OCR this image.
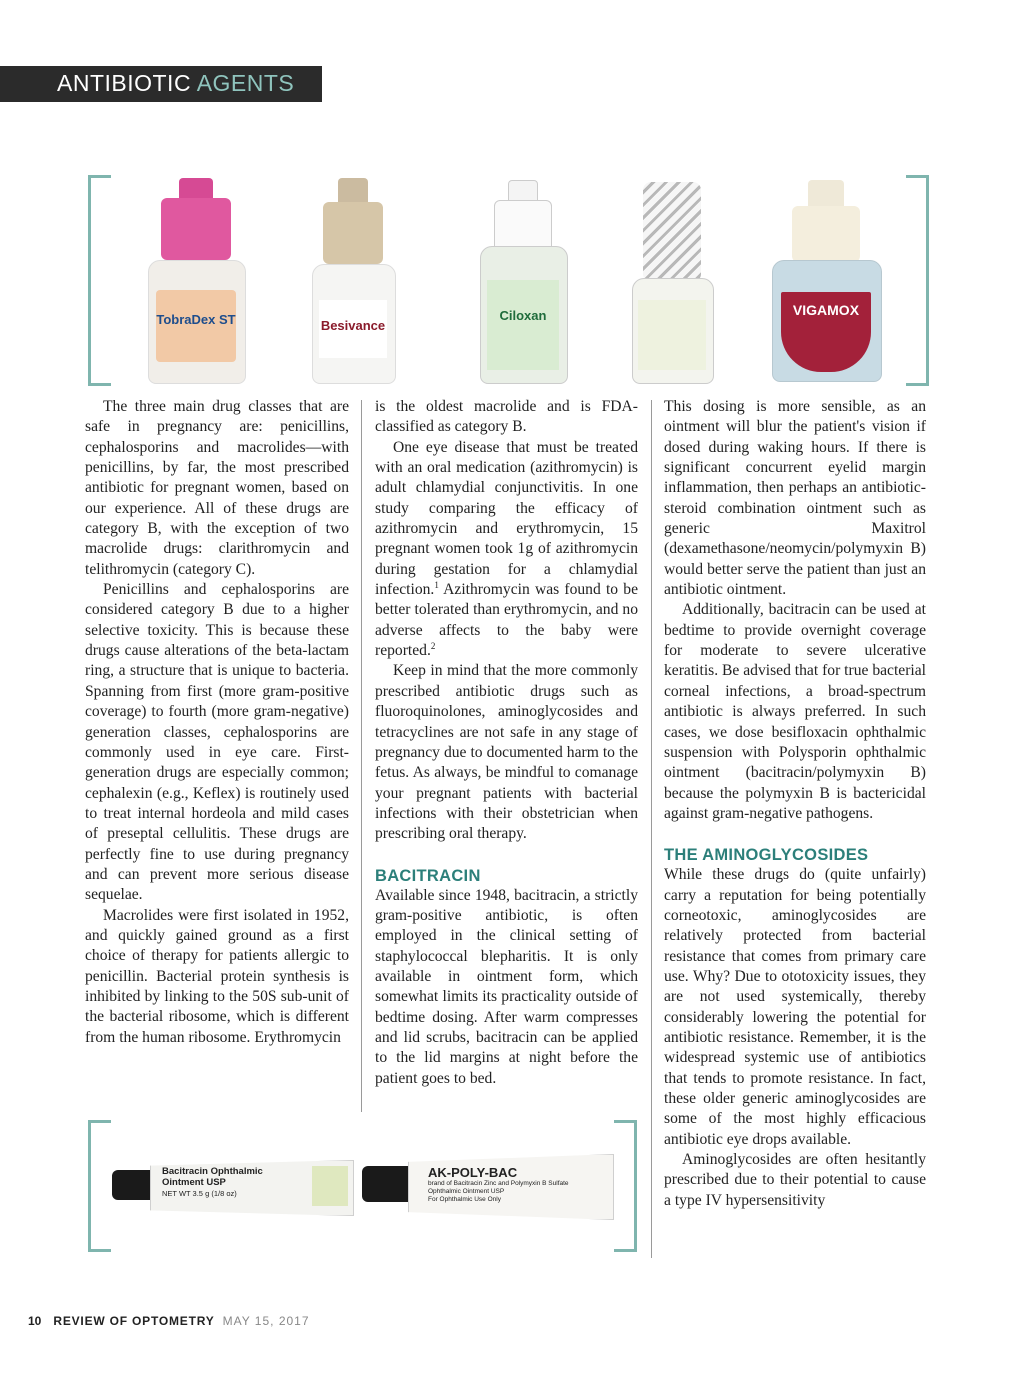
ANTIBIOTIC AGENTS
TobraDex ST	Besivance
Ciloxan	VIGAMOX

The three main drug classes that are safe in pregnancy are: penicillins, cephalosporins and macrolides—with penicillins, by far, the most prescribed antibiotic for pregnant women, based on our experience. All of these drugs are category B, with the exception of two macrolide drugs: clarithromycin and telithromycin (category C).

Penicillins and cephalosporins are considered category B due to a higher selective toxicity. This is because these drugs cause alterations of the beta-lactam ring, a structure that is unique to bacteria. Spanning from first (more gram-positive coverage) to fourth (more gram-negative) generation classes, cephalosporins are commonly used in eye care. First-generation drugs are especially common; cephalexin (e.g., Keflex) is routinely used to treat internal hordeola and mild cases of preseptal cellulitis. These drugs are perfectly fine to use during pregnancy and can prevent more serious disease sequelae.

Macrolides were first isolated in 1952, and quickly gained ground as a first choice of therapy for patients allergic to penicillin. Bacterial protein synthesis is inhibited by linking to the 50S sub-unit of the bacterial ribosome, which is different from the human ribosome. Erythromycin

is the oldest macrolide and is FDA-classified as category B.

One eye disease that must be treated with an oral medication (azithromycin) is adult chlamydial conjunctivitis. In one study comparing the efficacy of azithromycin and erythromycin, 15 pregnant women took 1g of azithromycin during gestation for a chlamydial infection.$^1$ Azithromycin was found to be better tolerated than erythromycin, and no adverse affects to the baby were reported.$^2$

Keep in mind that the more commonly prescribed antibiotic drugs such as fluoroquinolones, aminoglycosides and tetracyclines are not safe in any stage of pregnancy due to documented harm to the fetus. As always, be mindful to comanage your pregnant patients with bacterial infections with their obstetrician when prescribing oral therapy.

BACITRACIN

Available since 1948, bacitracin, a strictly gram-positive antibiotic, is often employed in the clinical setting of staphylococcal blepharitis. It is only available in ointment form, which somewhat limits its practicality outside of bedtime dosing. After warm compresses and lid scrubs, bacitracin can be applied to the lid margins at night before the patient goes to bed.

This dosing is more sensible, as an ointment will blur the patient's vision if dosed during waking hours. If there is significant concurrent eyelid margin inflammation, then perhaps an antibiotic-steroid combination ointment such as generic Maxitrol (dexamethasone/neomycin/polymyxin B) would better serve the patient than just an antibiotic ointment.

Additionally, bacitracin can be used at bedtime to provide overnight coverage for moderate to severe ulcerative keratitis. Be advised that for true bacterial corneal infections, a broad-spectrum antibiotic is always preferred. In such cases, we dose besifloxacin ophthalmic suspension with Polysporin ophthalmic ointment (bacitracin/polymyxin B) because the polymyxin B is bactericidal against gram-negative pathogens.

THE AMINOGLYCOSIDES

While these drugs do (quite unfairly) carry a reputation for being potentially corneotoxic, aminoglycosides are relatively protected from bacterial resistance that comes from primary care use. Why? Due to ototoxicity issues, they are not used systemically, thereby considerably lowering the potential for antibiotic resistance. Remember, it is the widespread systemic use of antibiotics that tends to promote resistance. In fact, these older generic aminoglycosides are some of the most highly efficacious antibiotic eye drops available.

Aminoglycosides are often hesitantly prescribed due to their potential to cause a type IV hypersensitivity

Bacitracin Ophthalmic
Ointment USP
NET WT 3.5 g (1/8 oz)
AK-POLY-BAC
brand of Bacitracin Zinc and Polymyxin B Sulfate
Ophthalmic Ointment USP
For Ophthalmic Use Only
10 REVIEW OF OPTOMETRY MAY 15, 2017
